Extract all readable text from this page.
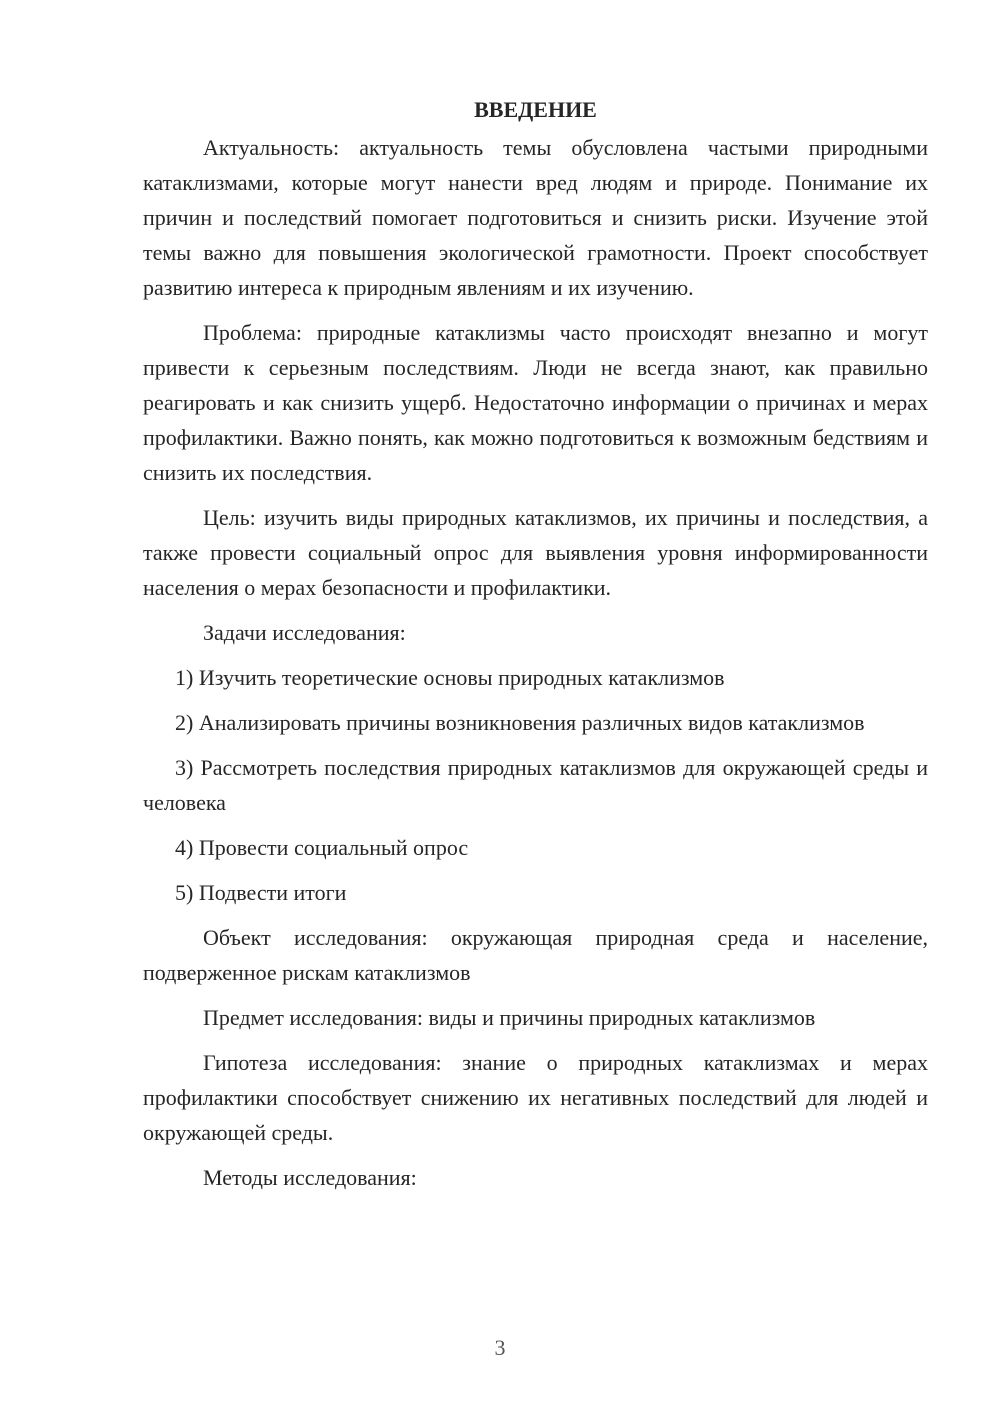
ВВЕДЕНИЕ

Актуальность: актуальность темы обусловлена частыми природными катаклизмами, которые могут нанести вред людям и природе. Понимание их причин и последствий помогает подготовиться и снизить риски. Изучение этой темы важно для повышения экологической грамотности. Проект способствует развитию интереса к природным явлениям и их изучению.

Проблема: природные катаклизмы часто происходят внезапно и могут привести к серьезным последствиям. Люди не всегда знают, как правильно реагировать и как снизить ущерб. Недостаточно информации о причинах и мерах профилактики. Важно понять, как можно подготовиться к возможным бедствиям и снизить их последствия.

Цель: изучить виды природных катаклизмов, их причины и последствия, а также провести социальный опрос для выявления уровня информированности населения о мерах безопасности и профилактики.

Задачи исследования:

1) Изучить теоретические основы природных катаклизмов

2) Анализировать причины возникновения различных видов катаклизмов

3) Рассмотреть последствия природных катаклизмов для окружающей среды и человека

4) Провести социальный опрос

5) Подвести итоги

Объект исследования: окружающая природная среда и население, подверженное рискам катаклизмов

Предмет исследования: виды и причины природных катаклизмов

Гипотеза исследования: знание о природных катаклизмах и мерах профилактики способствует снижению их негативных последствий для людей и окружающей среды.

Методы исследования:

3
